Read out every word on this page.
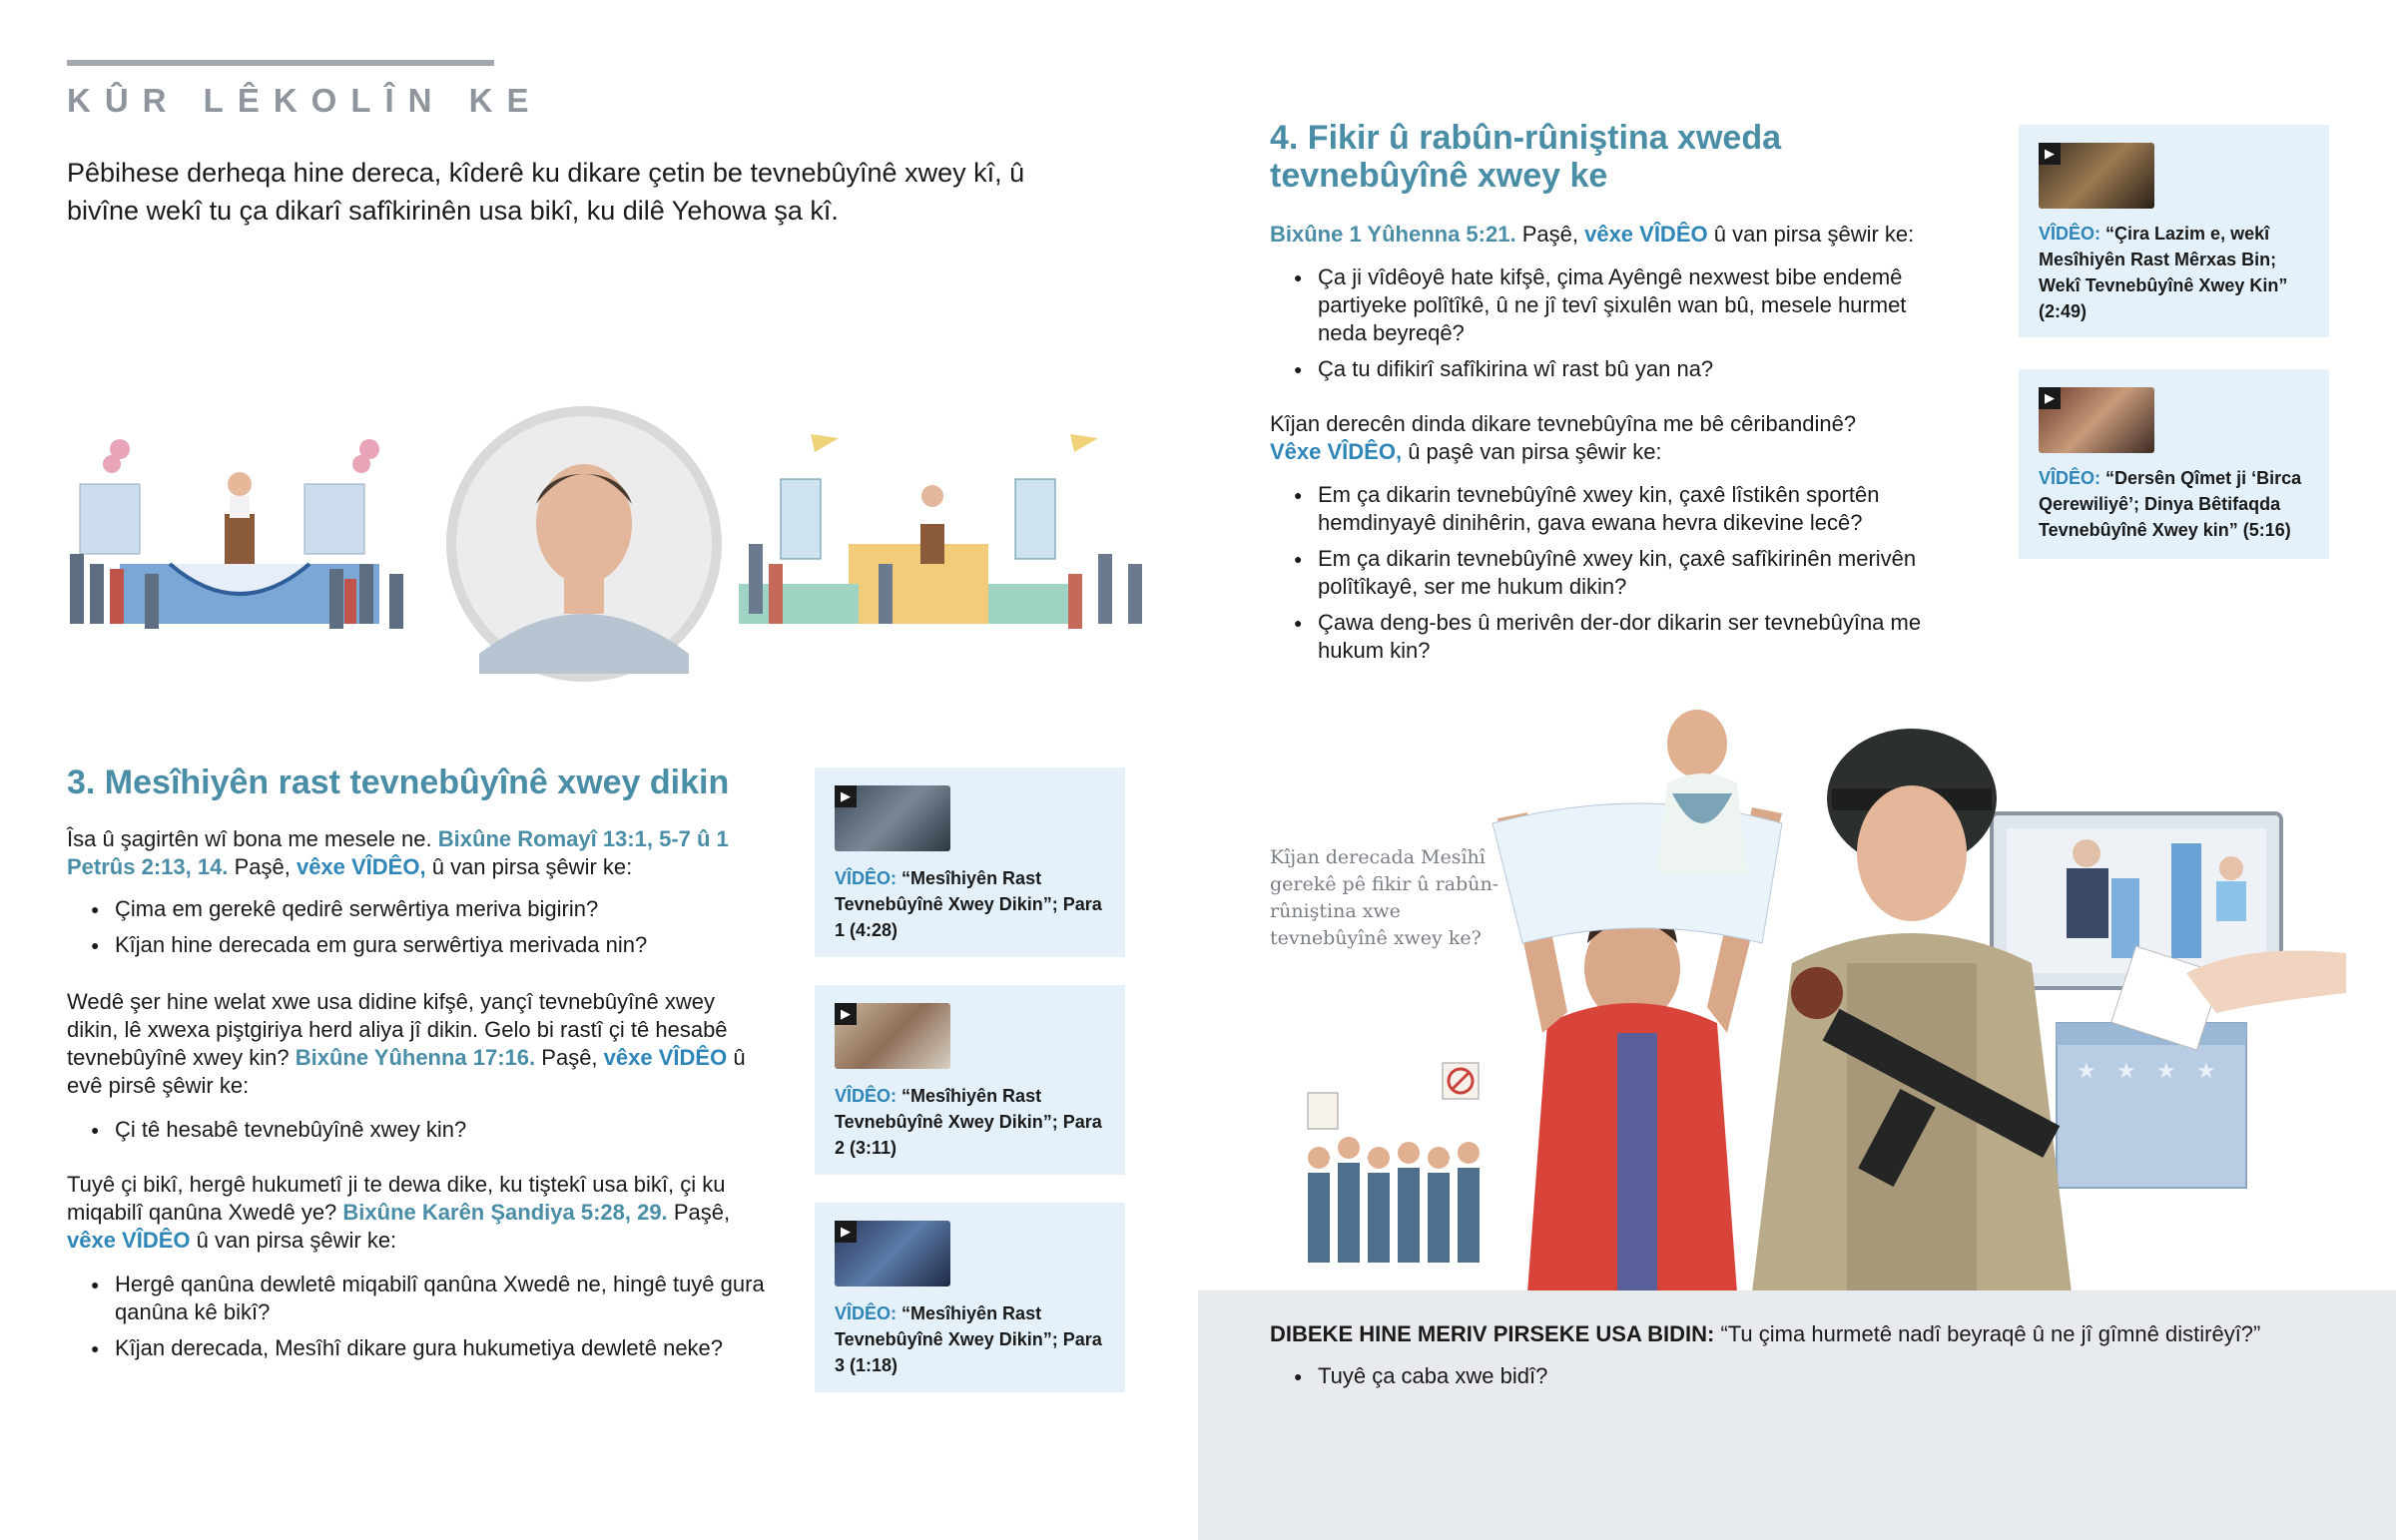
KÛR LÊKOLÎN KE
Pêbihese derheqa hine dereca, kîderê ku dikare çetin be tevnebûyînê xwey kî, û bivîne wekî tu ça dikarî safîkirinên usa bikî, ku dilê Yehowa şa kî.
3. Mesîhiyên rast tevnebûyînê xwey dikin
Îsa û şagirtên wî bona me mesele ne. Bixûne Romayî 13:1, 5-7 û 1 Petrûs 2:13, 14. Paşê, vêxe VÎDÊO, û van pirsa şêwir ke:
● Çima em gerekê qedirê serwêrtiya meriva bigirin?
● Kîjan hine derecada em gura serwêrtiya merivada nin?
Wedê şer hine welat xwe usa didine kifşê, yançî tevnebûyînê xwey dikin, lê xwexa piştgiriya herd aliya jî dikin. Gelo bi rastî çi tê hesabê tevnebûyînê xwey kin? Bixûne Yûhenna 17:16. Paşê, vêxe VÎDÊO û evê pirsê şêwir ke:
● Çi tê hesabê tevnebûyînê xwey kin?
Tuyê çi bikî, hergê hukumetî ji te dewa dike, ku tiştekî usa bikî, çi ku miqabilî qanûna Xwedê ye? Bixûne Karên Şandiya 5:28, 29. Paşê, vêxe VÎDÊO û van pirsa şêwir ke:
● Hergê qanûna dewletê miqabilî qanûna Xwedê ne, hingê tuyê gura qanûna kê bikî?
● Kîjan derecada, Mesîhî dikare gura hukumetiya dewletê neke?
▶
VÎDÊO: “Mesîhiyên Rast Tevnebûyînê Xwey Dikin”; Para 1 (4:28)
▶
VÎDÊO: “Mesîhiyên Rast Tevnebûyînê Xwey Dikin”; Para 2 (3:11)
▶
VÎDÊO: “Mesîhiyên Rast Tevnebûyînê Xwey Dikin”; Para 3 (1:18)
4. Fikir û rabûn-rûniştina xweda tevnebûyînê xwey ke
Bixûne 1 Yûhenna 5:21. Paşê, vêxe VÎDÊO û van pirsa şêwir ke:
● Ça ji vîdêoyê hate kifşê, çima Ayêngê nexwest bibe endemê partiyeke polîtîkê, û ne jî tevî şixulên wan bû, mesele hurmet neda beyreqê?
● Ça tu difikirî safîkirina wî rast bû yan na?
Kîjan derecên dinda dikare tevnebûyîna me bê cêribandinê?
Vêxe VÎDÊO, û paşê van pirsa şêwir ke:
● Em ça dikarin tevnebûyînê xwey kin, çaxê lîstikên sportên hemdinyayê dinihêrin, gava ewana hevra dikevine lecê?
● Em ça dikarin tevnebûyînê xwey kin, çaxê safîkirinên merivên polîtîkayê, ser me hukum dikin?
● Çawa deng-bes û merivên der-dor dikarin ser tevnebûyîna me hukum kin?
▶
VÎDÊO: “Çira Lazim e, wekî Mesîhiyên Rast Mêrxas Bin; Wekî Tevnebûyînê Xwey Kin” (2:49)
▶
VÎDÊO: “Dersên Qîmet ji ‘Birca Qerewiliyê’; Dinya Bêtifaqda Tevnebûyînê Xwey kin” (5:16)
★ ★ ★ ★
Kîjan derecada Mesîhî gerekê pê fikir û rabûn-rûniştina xwe tevnebûyînê xwey ke?
DIBEKE HINE MERIV PIRSEKE USA BIDIN: “Tu çima hurmetê nadî beyraqê û ne jî gîmnê distirêyî?”
● Tuyê ça caba xwe bidî?
